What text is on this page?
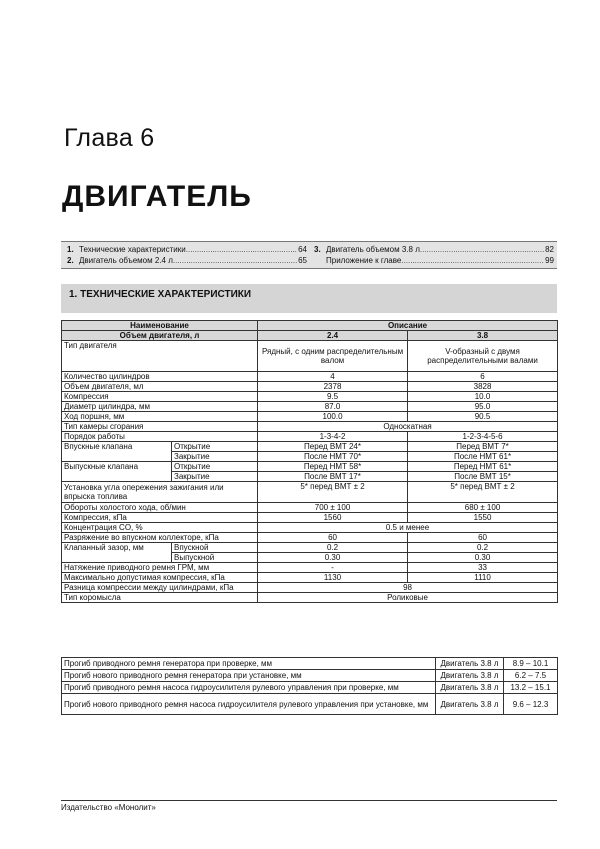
Глава 6
ДВИГАТЕЛЬ
1. Технические характеристики .....	64
2. Двигатель объемом 2.4 л .....	65
3. Двигатель объемом 3.8 л .....	82
Приложение к главе .....	99
1. ТЕХНИЧЕСКИЕ ХАРАКТЕРИСТИКИ
Наименование		Описание	
Объем двигателя, л		2.4	3.8
Тип двигателя		Рядный, с одним распределительным валом	V-образный с двумя распределительными валами
Количество цилиндров		4	6
Объем двигателя, мл		2378	3828
Компрессия		9.5	10.0
Диаметр цилиндра, мм		87.0	95.0
Ход поршня, мм		100.0	90.5
Тип камеры сгорания		Односкатная	
Порядок работы		1-3-4-2	1-2-3-4-5-6
Впускные клапана	Открытие	Перед ВМТ 24*	Перед ВМТ 7*
	Закрытие	После НМТ 70*	После НМТ 61*
Выпускные клапана	Открытие	Перед НМТ 58*	Перед НМТ 61*
	Закрытие	После ВМТ 17*	После ВМТ 15*
Установка угла опережения зажигания или впрыска топлива		5* перед ВМТ ± 2	5* перед ВМТ ± 2
Обороты холостого хода, об/мин		700 ± 100	680 ± 100
Компрессия, кПа		1560	1550
Концентрация CO, %		0.5 и менее	
Разряжение во впускном коллекторе, кПа		60	60
Клапанный зазор, мм	Впускной	0.2	0.2
	Выпускной	0.30	0.30
Натяжение приводного ремня ГРМ, мм		-	33
Максимально допустимая компрессия, кПа		1130	1110
Разница компрессии между цилиндрами, кПа		98	
Тип коромысла		Роликовые	
Прогиб приводного ремня генератора при проверке, мм	Двигатель 3.8 л	8.9 – 10.1
Прогиб нового приводного ремня генератора при установке, мм	Двигатель 3.8 л	6.2 – 7.5
Прогиб приводного ремня насоса гидроусилителя рулевого управления при проверке, мм	Двигатель 3.8 л	13.2 – 15.1
Прогиб нового приводного ремня насоса гидроусилителя рулевого управления при установке, мм	Двигатель 3.8 л	9.6 – 12.3
Издательство «Монолит»
